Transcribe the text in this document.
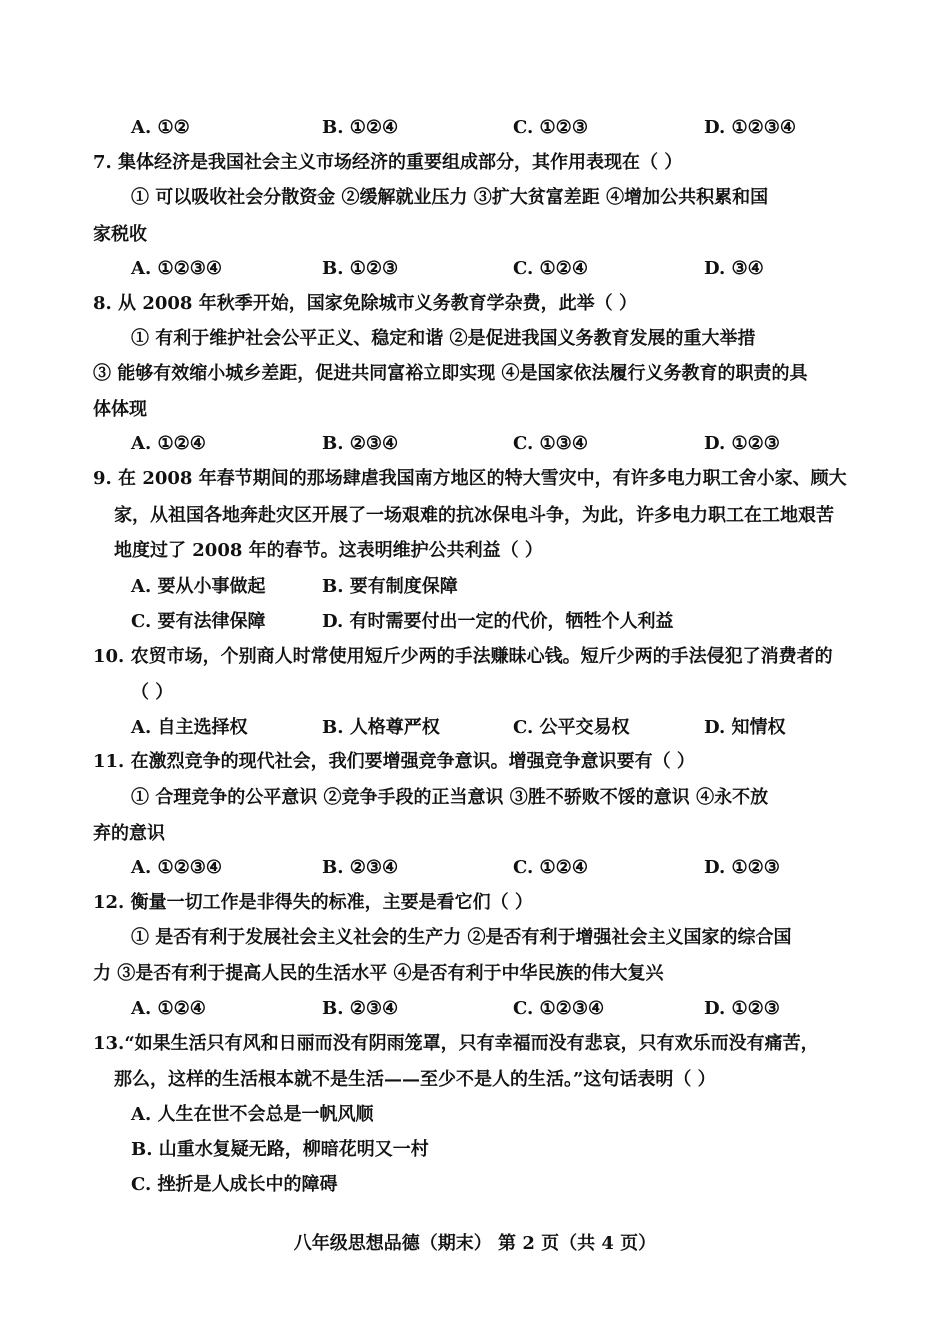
A. ①②	B. ①②④	C. ①②③	D. ①②③④
7. 集体经济是我国社会主义市场经济的重要组成部分，其作用表现在（ ）
① 可以吸收社会分散资金 ②缓解就业压力 ③扩大贫富差距 ④增加公共积累和国
家税收
A. ①②③④	B. ①②③	C. ①②④	D. ③④
8. 从 2008 年秋季开始，国家免除城市义务教育学杂费，此举（ ）
① 有利于维护社会公平正义、稳定和谐 ②是促进我国义务教育发展的重大举措
③ 能够有效缩小城乡差距，促进共同富裕立即实现 ④是国家依法履行义务教育的职责的具
体体现
A. ①②④	B. ②③④	C. ①③④	D. ①②③
9. 在 2008 年春节期间的那场肆虐我国南方地区的特大雪灾中，有许多电力职工舍小家、顾大
家，从祖国各地奔赴灾区开展了一场艰难的抗冰保电斗争，为此，许多电力职工在工地艰苦
地度过了 2008 年的春节。这表明维护公共利益（ ）
A. 要从小事做起	B. 要有制度保障
C. 要有法律保障	D. 有时需要付出一定的代价，牺牲个人利益
10. 农贸市场，个别商人时常使用短斤少两的手法赚昧心钱。短斤少两的手法侵犯了消费者的
（ ）
A. 自主选择权	B. 人格尊严权	C. 公平交易权	D. 知情权
11. 在激烈竞争的现代社会，我们要增强竞争意识。增强竞争意识要有（ ）
① 合理竞争的公平意识 ②竞争手段的正当意识 ③胜不骄败不馁的意识 ④永不放
弃的意识
A. ①②③④	B. ②③④	C. ①②④	D. ①②③
12. 衡量一切工作是非得失的标准，主要是看它们（ ）
① 是否有利于发展社会主义社会的生产力 ②是否有利于增强社会主义国家的综合国
力 ③是否有利于提高人民的生活水平 ④是否有利于中华民族的伟大复兴
A. ①②④	B. ②③④	C. ①②③④	D. ①②③
13.“如果生活只有风和日丽而没有阴雨笼罩，只有幸福而没有悲哀，只有欢乐而没有痛苦，
那么，这样的生活根本就不是生活——至少不是人的生活。”这句话表明（ ）
A. 人生在世不会总是一帆风顺
B. 山重水复疑无路，柳暗花明又一村
C. 挫折是人成长中的障碍
八年级思想品德（期末） 第 2 页（共 4 页）
